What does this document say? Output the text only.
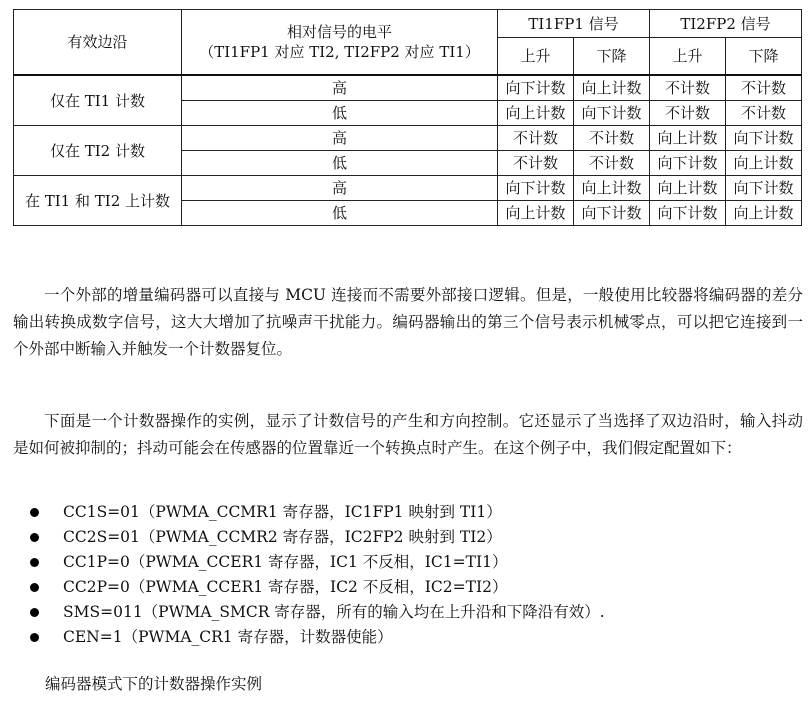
有效边沿	相对信号的电平
（TI1FP1 对应 TI2, TI2FP2 对应 TI1）	TI1FP1 信号		TI2FP2 信号	
		上升	下降	上升	下降
仅在 TI1 计数	高	向下计数	向上计数	不计数	不计数
	低	向上计数	向下计数	不计数	不计数
仅在 TI2 计数	高	不计数	不计数	向上计数	向下计数
	低	不计数	不计数	向下计数	向上计数
在 TI1 和 TI2 上计数	高	向下计数	向上计数	向上计数	向下计数
	低	向上计数	向下计数	向下计数	向上计数

一个外部的增量编码器可以直接与 MCU 连接而不需要外部接口逻辑。但是，一般使用比较器将编码器的差分输出转换成数字信号，这大大增加了抗噪声干扰能力。编码器输出的第三个信号表示机械零点，可以把它连接到一个外部中断输入并触发一个计数器复位。

下面是一个计数器操作的实例，显示了计数信号的产生和方向控制。它还显示了当选择了双边沿时，输入抖动是如何被抑制的；抖动可能会在传感器的位置靠近一个转换点时产生。在这个例子中，我们假定配置如下：

CC1S=01（PWMA_CCMR1 寄存器，IC1FP1 映射到 TI1）
CC2S=01（PWMA_CCMR2 寄存器，IC2FP2 映射到 TI2）
CC1P=0（PWMA_CCER1 寄存器，IC1 不反相，IC1=TI1）
CC2P=0（PWMA_CCER1 寄存器，IC2 不反相，IC2=TI2）
SMS=011（PWMA_SMCR 寄存器，所有的输入均在上升沿和下降沿有效）.
CEN=1（PWMA_CR1 寄存器，计数器使能）

编码器模式下的计数器操作实例
